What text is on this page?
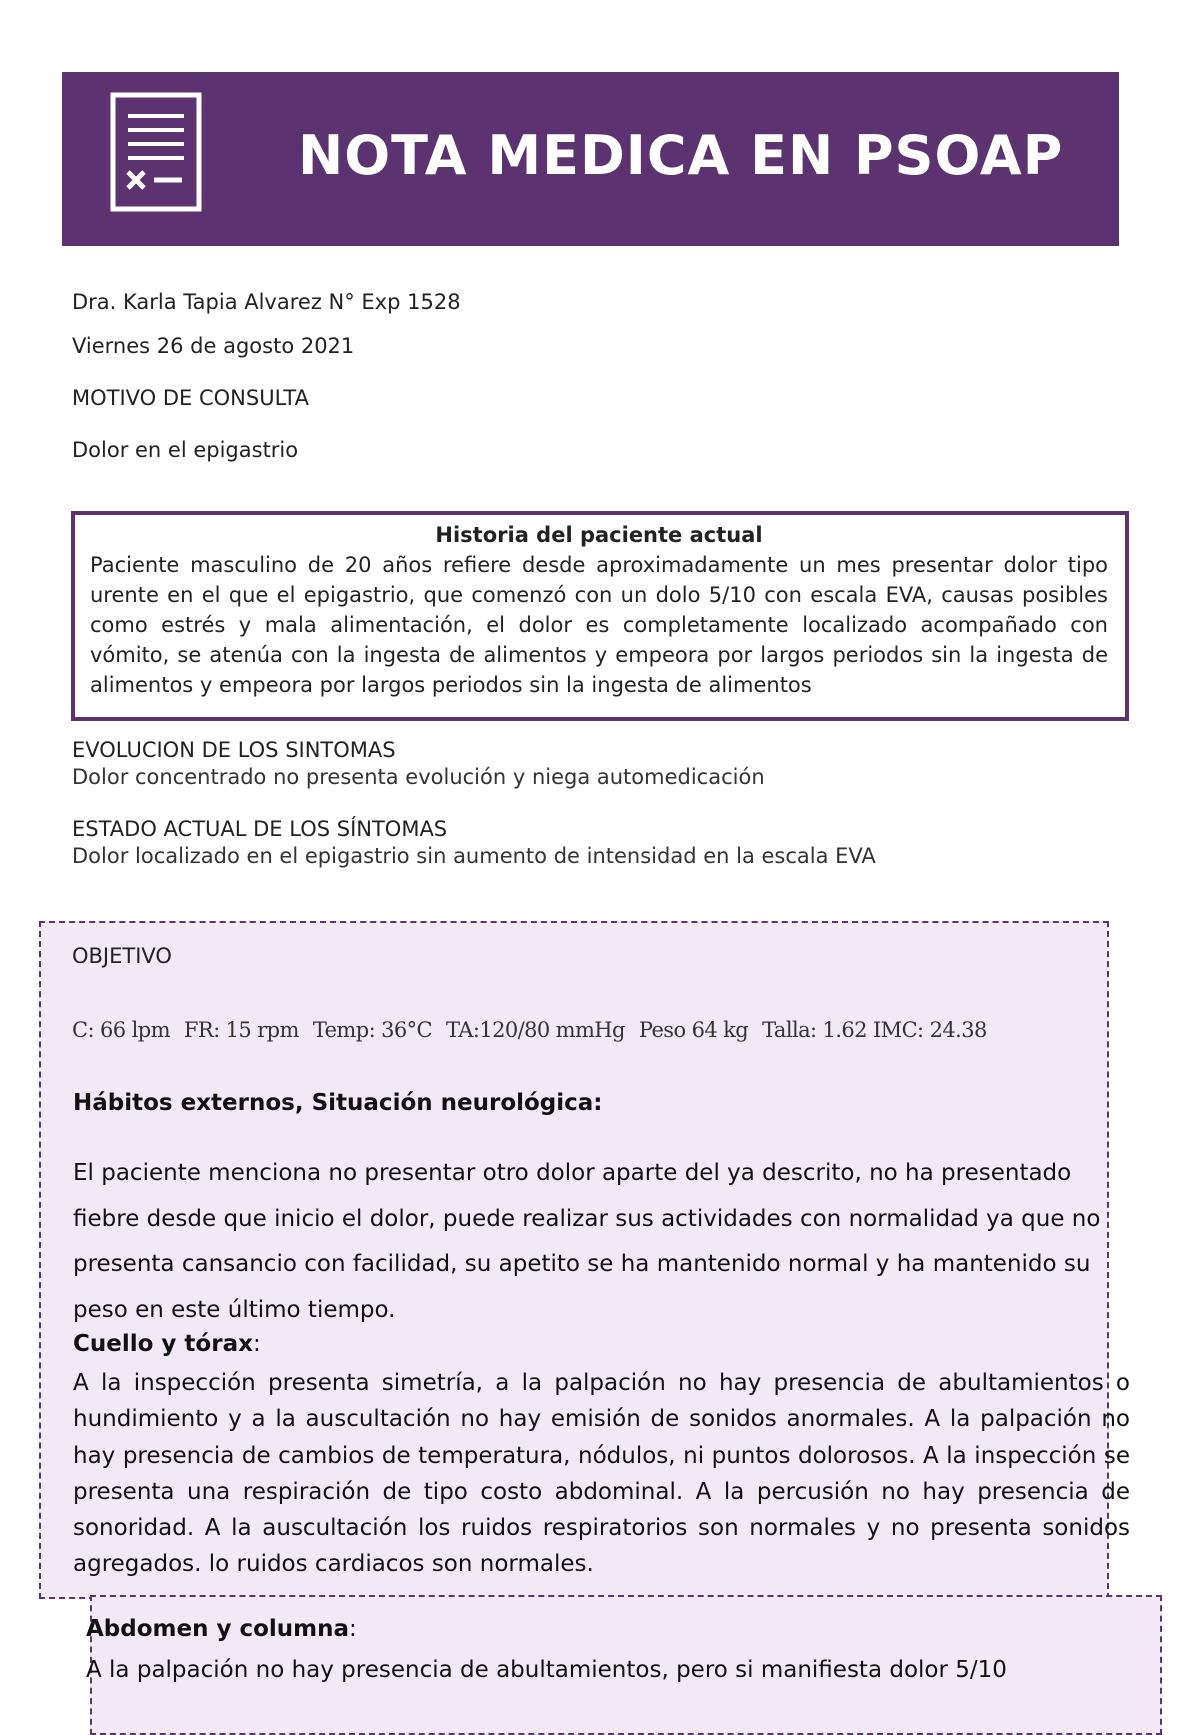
NOTA MEDICA EN PSOAP

Dra. Karla Tapia Alvarez N° Exp 1528

Viernes 26 de agosto 2021

MOTIVO DE CONSULTA

Dolor en el epigastrio

Historia del paciente actual

Paciente masculino de 20 años refiere desde aproximadamente un mes presentar dolor tipo urente en el que el epigastrio, que comenzó con un dolo 5/10 con escala EVA, causas posibles como estrés y mala alimentación, el dolor es completamente localizado acompañado con vómito, se atenúa con la ingesta de alimentos y empeora por largos periodos sin la ingesta de alimentos y empeora por largos periodos sin la ingesta de alimentos

EVOLUCION DE LOS SINTOMAS

Dolor concentrado no presenta evolución y niega automedicación

ESTADO ACTUAL DE LOS SÍNTOMAS

Dolor localizado en el epigastrio sin aumento de intensidad en la escala EVA

OBJETIVO

C: 66 lpm FR: 15 rpm Temp: 36°C TA:120/80 mmHg Peso 64 kg Talla: 1.62 IMC: 24.38

Hábitos externos, Situación neurológica:

El paciente menciona no presentar otro dolor aparte del ya descrito, no ha presentado fiebre desde que inicio el dolor, puede realizar sus actividades con normalidad ya que no presenta cansancio con facilidad, su apetito se ha mantenido normal y ha mantenido su peso en este último tiempo.

Cuello y tórax:

A la inspección presenta simetría, a la palpación no hay presencia de abultamientos o hundimiento y a la auscultación no hay emisión de sonidos anormales. A la palpación no hay presencia de cambios de temperatura, nódulos, ni puntos dolorosos. A la inspección se presenta una respiración de tipo costo abdominal. A la percusión no hay presencia de sonoridad. A la auscultación los ruidos respiratorios son normales y no presenta sonidos agregados. lo ruidos cardiacos son normales.

Abdomen y columna:

A la palpación no hay presencia de abultamientos, pero si manifiesta dolor 5/10
